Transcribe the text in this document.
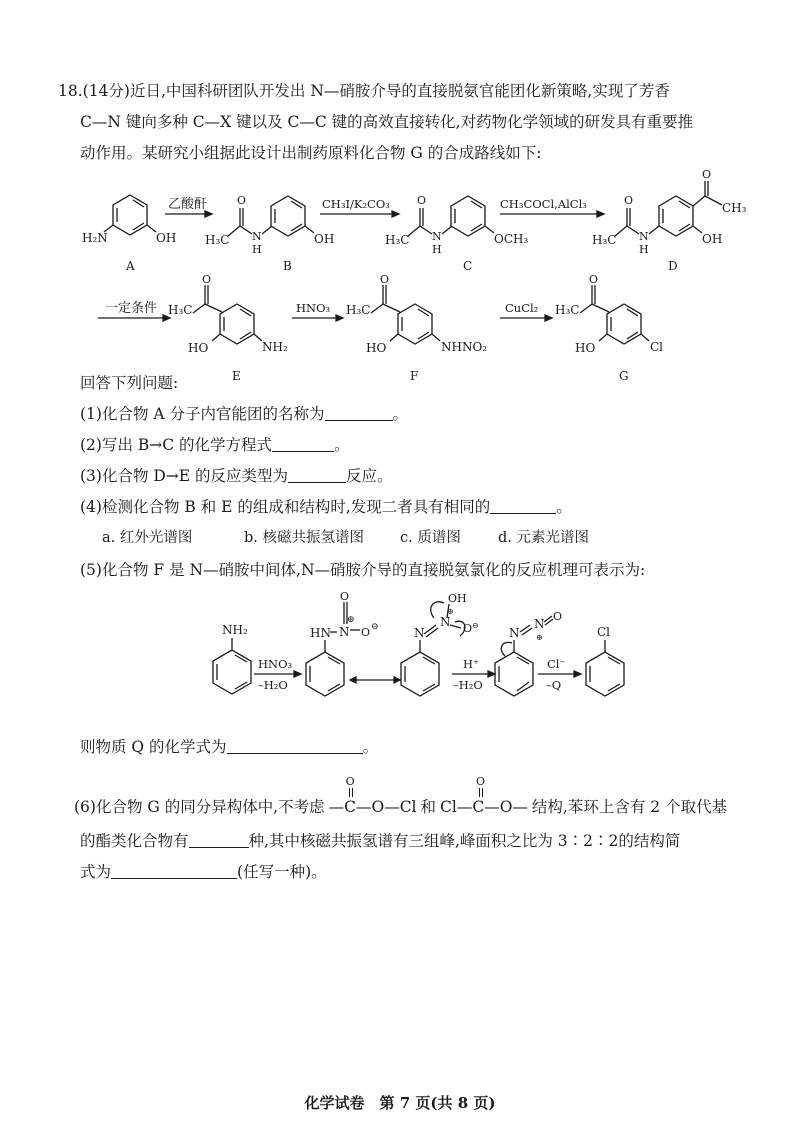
18.(14分)近日,中国科研团队开发出 N—硝胺介导的直接脱氨官能团化新策略,实现了芳香
C—N 键向多种 C—X 键以及 C—C 键的高效直接转化,对药物化学领域的研发具有重要推
动作用。某研究小组据此设计出制药原料化合物 G 的合成路线如下:
H₂N	OH
A
乙酸酐	O
H₃C N
H
OH
B
CH₃I/K₂CO₃ O
H₃C N
H
OCH₃
C
CH₃COCl,AlCl₃
O
CH₃
O
H₃C N
H
OH
D
一定条件
O
H₃C
HO	NH₂
E
HNO₃
O
H₃C
HO	NHNO₂
F
CuCl₂
O
H₃C
HO	Cl
G
回答下列问题:
(1)化合物 A 分子内官能团的名称为	。
(2)写出 B→C 的化学方程式	。
(3)化合物 D→E 的反应类型为	反应。
(4)检测化合物 B 和 E 的组成和结构时,发现二者具有相同的	。
a. 红外光谱图	b. 核磁共振氢谱图 c. 质谱图	d. 元素光谱图
(5)化合物 F 是 N—硝胺中间体,N—硝胺介导的直接脱氨氯化的反应机理可表示为:
NH₂
HNO₃
–H₂O
HN N
O
O
⊕
⊖	N
N
OH
O
⊕
⊖
H⁺
–H₂O
N
N
O
⊕
Cl⁻
–Q
Cl
则物质 Q 的化学式为	。
(6)化合物 G 的同分异构体中,不考虑
O
—C—O—Cl 和
O
Cl—C—O— 结构,苯环上含有 2 个取代基
的酯类化合物有	种,其中核磁共振氢谱有三组峰,峰面积之比为 3∶2∶2的结构简
式为	(任写一种)。
化学试卷　第 7 页(共 8 页)
